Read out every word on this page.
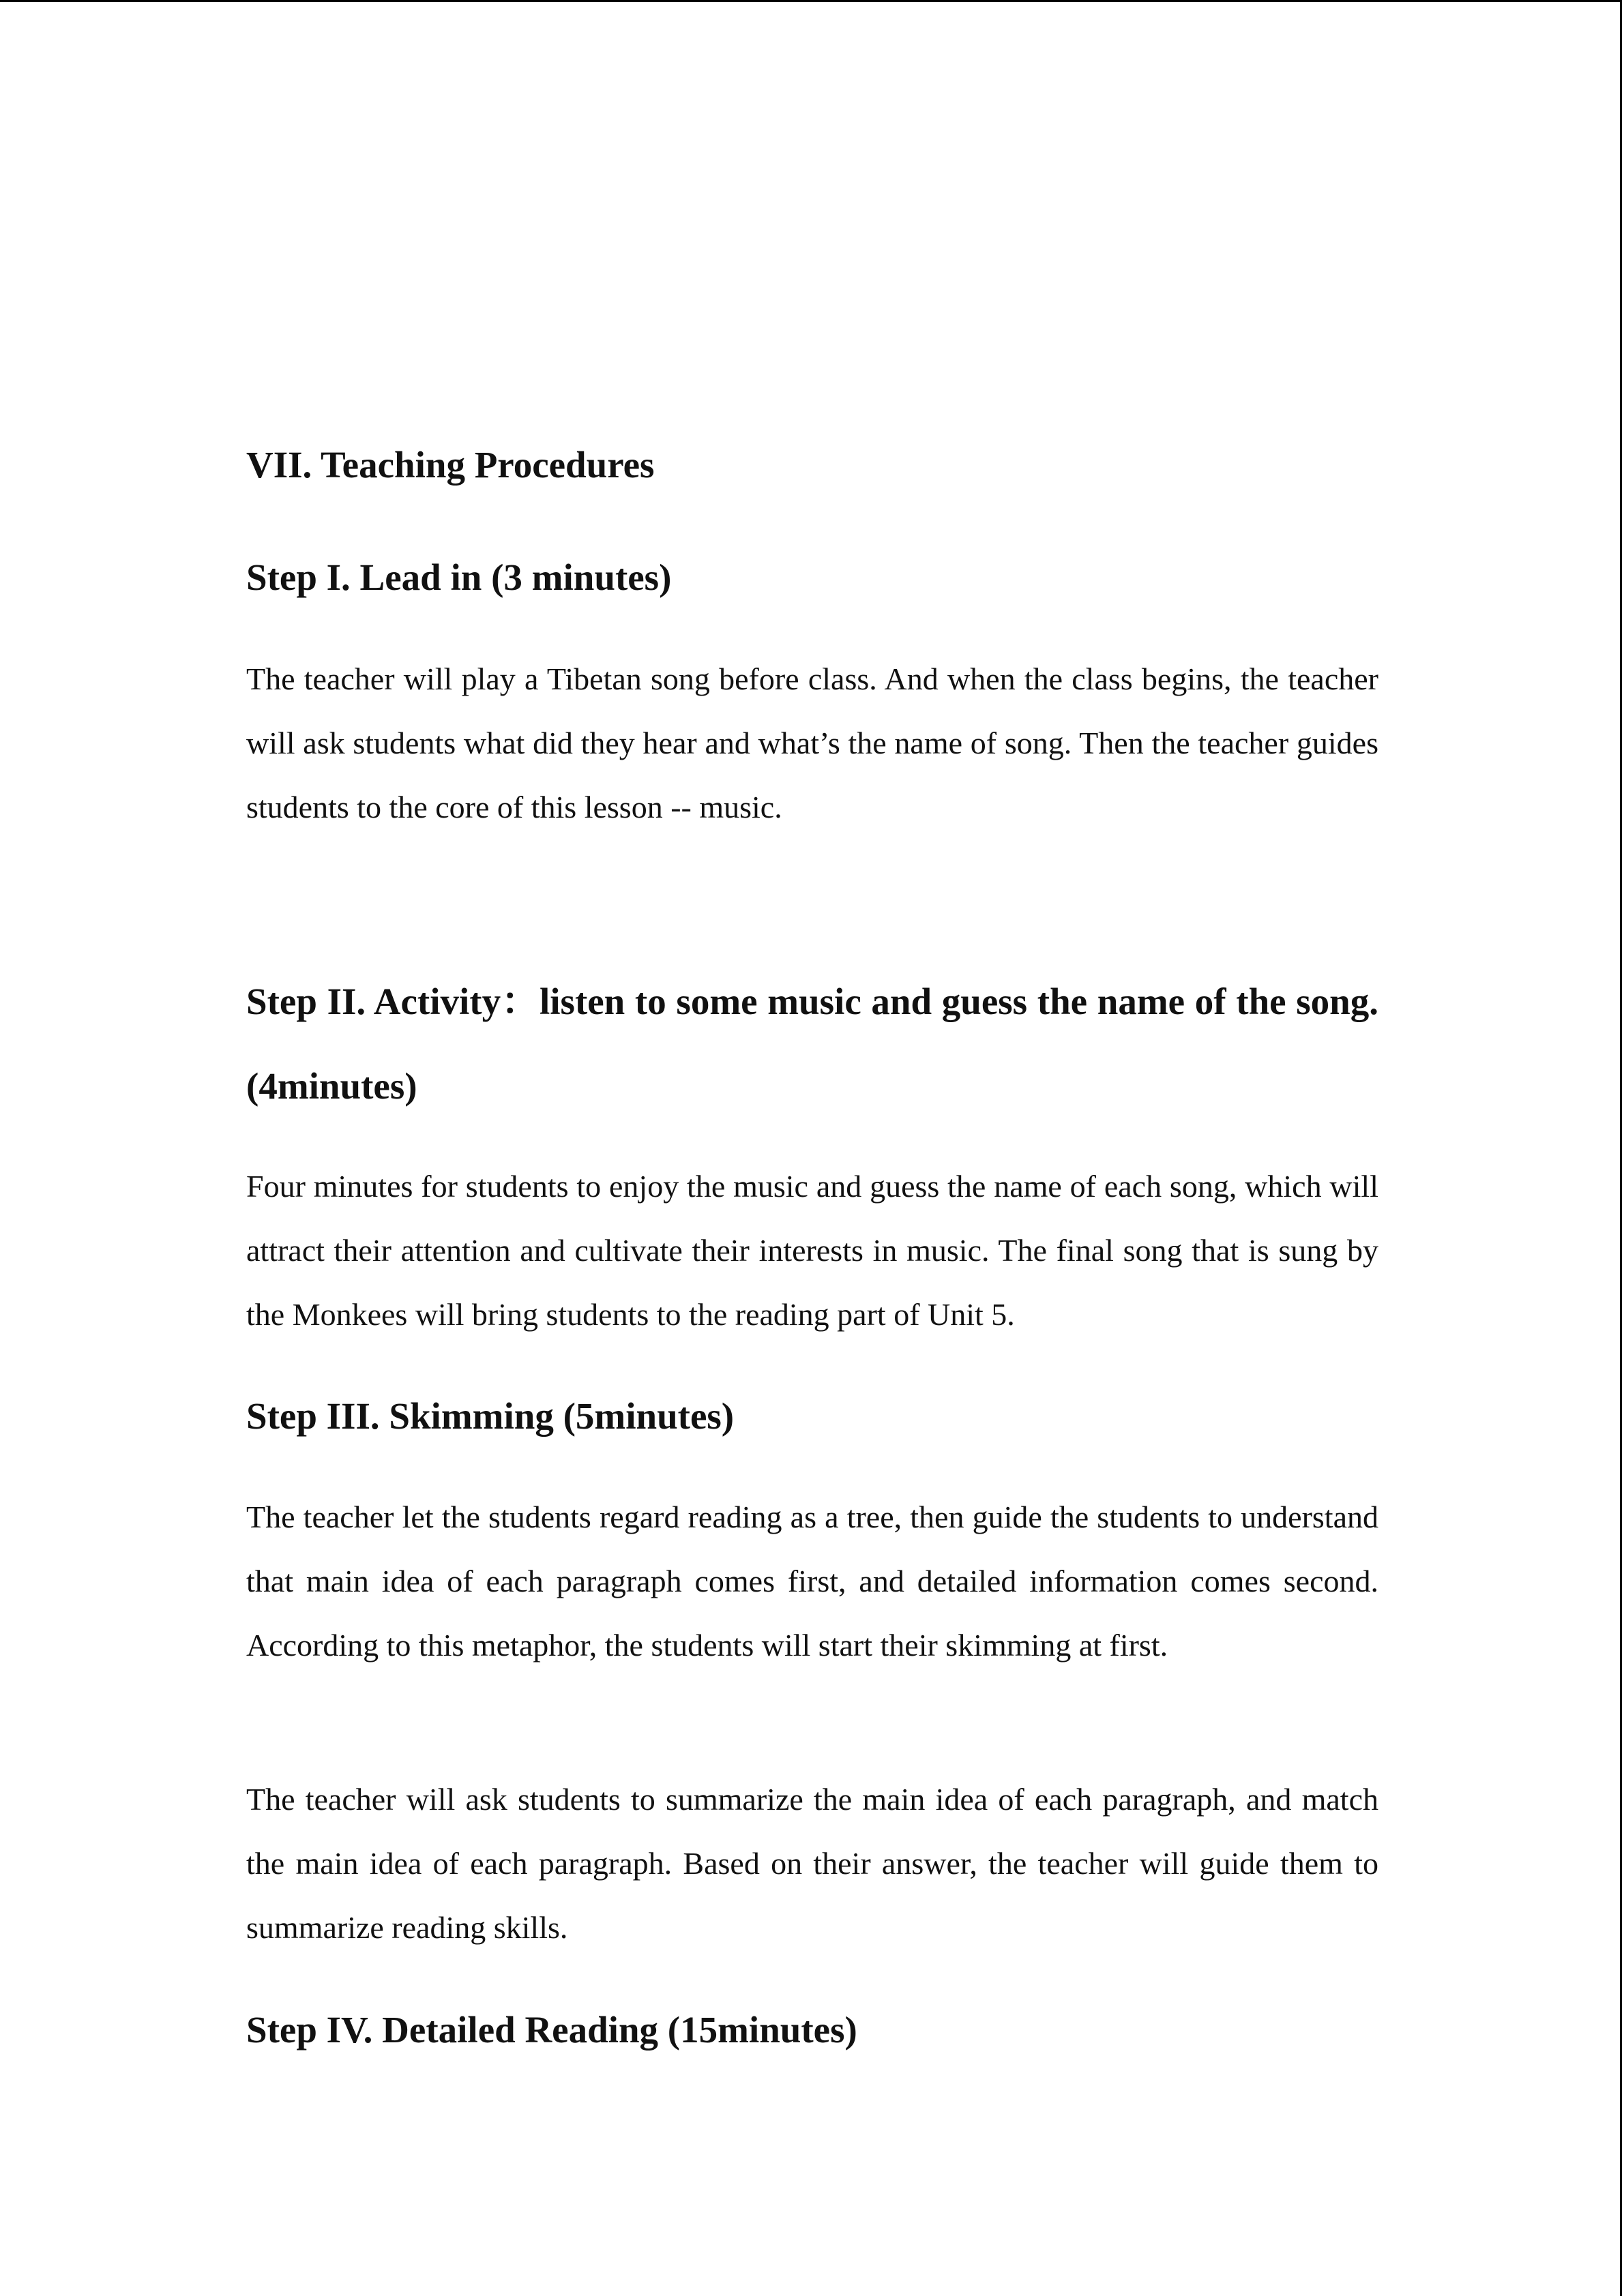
VII. Teaching Procedures
Step I. Lead in (3 minutes)

The teacher will play a Tibetan song before class. And when the class begins, the teacher will ask students what did they hear and what’s the name of song. Then the teacher guides students to the core of this lesson -- music.

Step II. Activity：listen to some music and guess the name of the song. (4minutes)

Four minutes for students to enjoy the music and guess the name of each song, which will attract their attention and cultivate their interests in music. The final song that is sung by the Monkees will bring students to the reading part of Unit 5.

Step III. Skimming (5minutes)

The teacher let the students regard reading as a tree, then guide the students to understand that main idea of each paragraph comes first, and detailed information comes second. According to this metaphor, the students will start their skimming at first.

The teacher will ask students to summarize the main idea of each paragraph, and match the main idea of each paragraph. Based on their answer, the teacher will guide them to summarize reading skills.

Step IV. Detailed Reading (15minutes)
